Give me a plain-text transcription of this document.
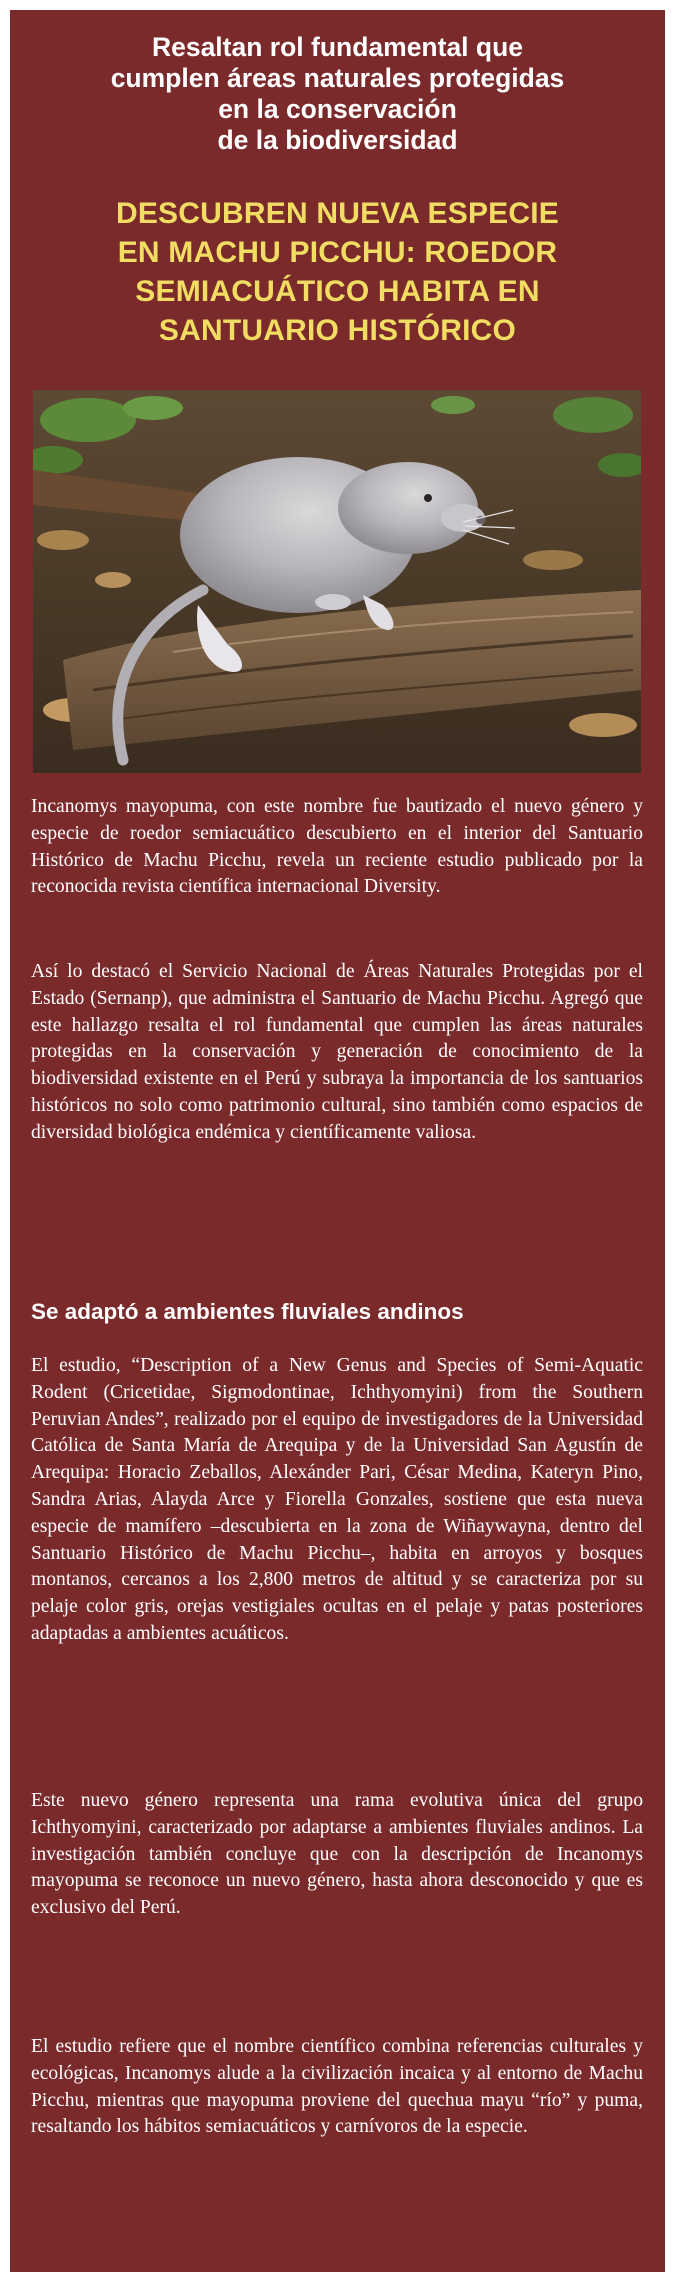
Resaltan rol fundamental que
cumplen áreas naturales protegidas
en la conservación
de la biodiversidad
DESCUBREN NUEVA ESPECIE
EN MACHU PICCHU: ROEDOR
SEMIACUÁTICO HABITA EN
SANTUARIO HISTÓRICO

Incanomys mayopuma, con este nombre fue bautizado el nuevo género y especie de roedor semiacuático descubierto en el interior del Santuario Histórico de Machu Picchu, revela un reciente estudio publicado por la reconocida revista científica internacional Diversity.

Así lo destacó el Servicio Nacional de Áreas Naturales Protegidas por el Estado (Sernanp), que administra el Santuario de Machu Picchu. Agregó que este hallazgo resalta el rol fundamental que cumplen las áreas naturales protegidas en la conservación y generación de conocimiento de la biodiversidad existente en el Perú y subraya la importancia de los santuarios históricos no solo como patrimonio cultural, sino también como espacios de diversidad biológica endémica y científicamente valiosa.

Se adaptó a ambientes fluviales andinos

El estudio, “Description of a New Genus and Species of Semi-Aquatic Rodent (Cricetidae, Sigmodontinae, Ichthyomyini) from the Southern Peruvian Andes”, realizado por el equipo de investigadores de la Universidad Católica de Santa María de Arequipa y de la Universidad San Agustín de Arequipa: Horacio Zeballos, Alexánder Pari, César Medina, Kateryn Pino, Sandra Arias, Alayda Arce y Fiorella Gonzales, sostiene que esta nueva especie de mamífero –descubierta en la zona de Wiñaywayna, dentro del Santuario Histórico de Machu Picchu–, habita en arroyos y bosques montanos, cercanos a los 2,800 metros de altitud y se caracteriza por su pelaje color gris, orejas vestigiales ocultas en el pelaje y patas posteriores adaptadas a ambientes acuáticos.

Este nuevo género representa una rama evolutiva única del grupo Ichthyomyini, caracterizado por adaptarse a ambientes fluviales andinos. La investigación también concluye que con la descripción de Incanomys mayopuma se reconoce un nuevo género, hasta ahora desconocido y que es exclusivo del Perú.

El estudio refiere que el nombre científico combina referencias culturales y ecológicas, Incanomys alude a la civilización incaica y al entorno de Machu Picchu, mientras que mayopuma proviene del quechua mayu “río” y puma, resaltando los hábitos semiacuáticos y carnívoros de la especie.
